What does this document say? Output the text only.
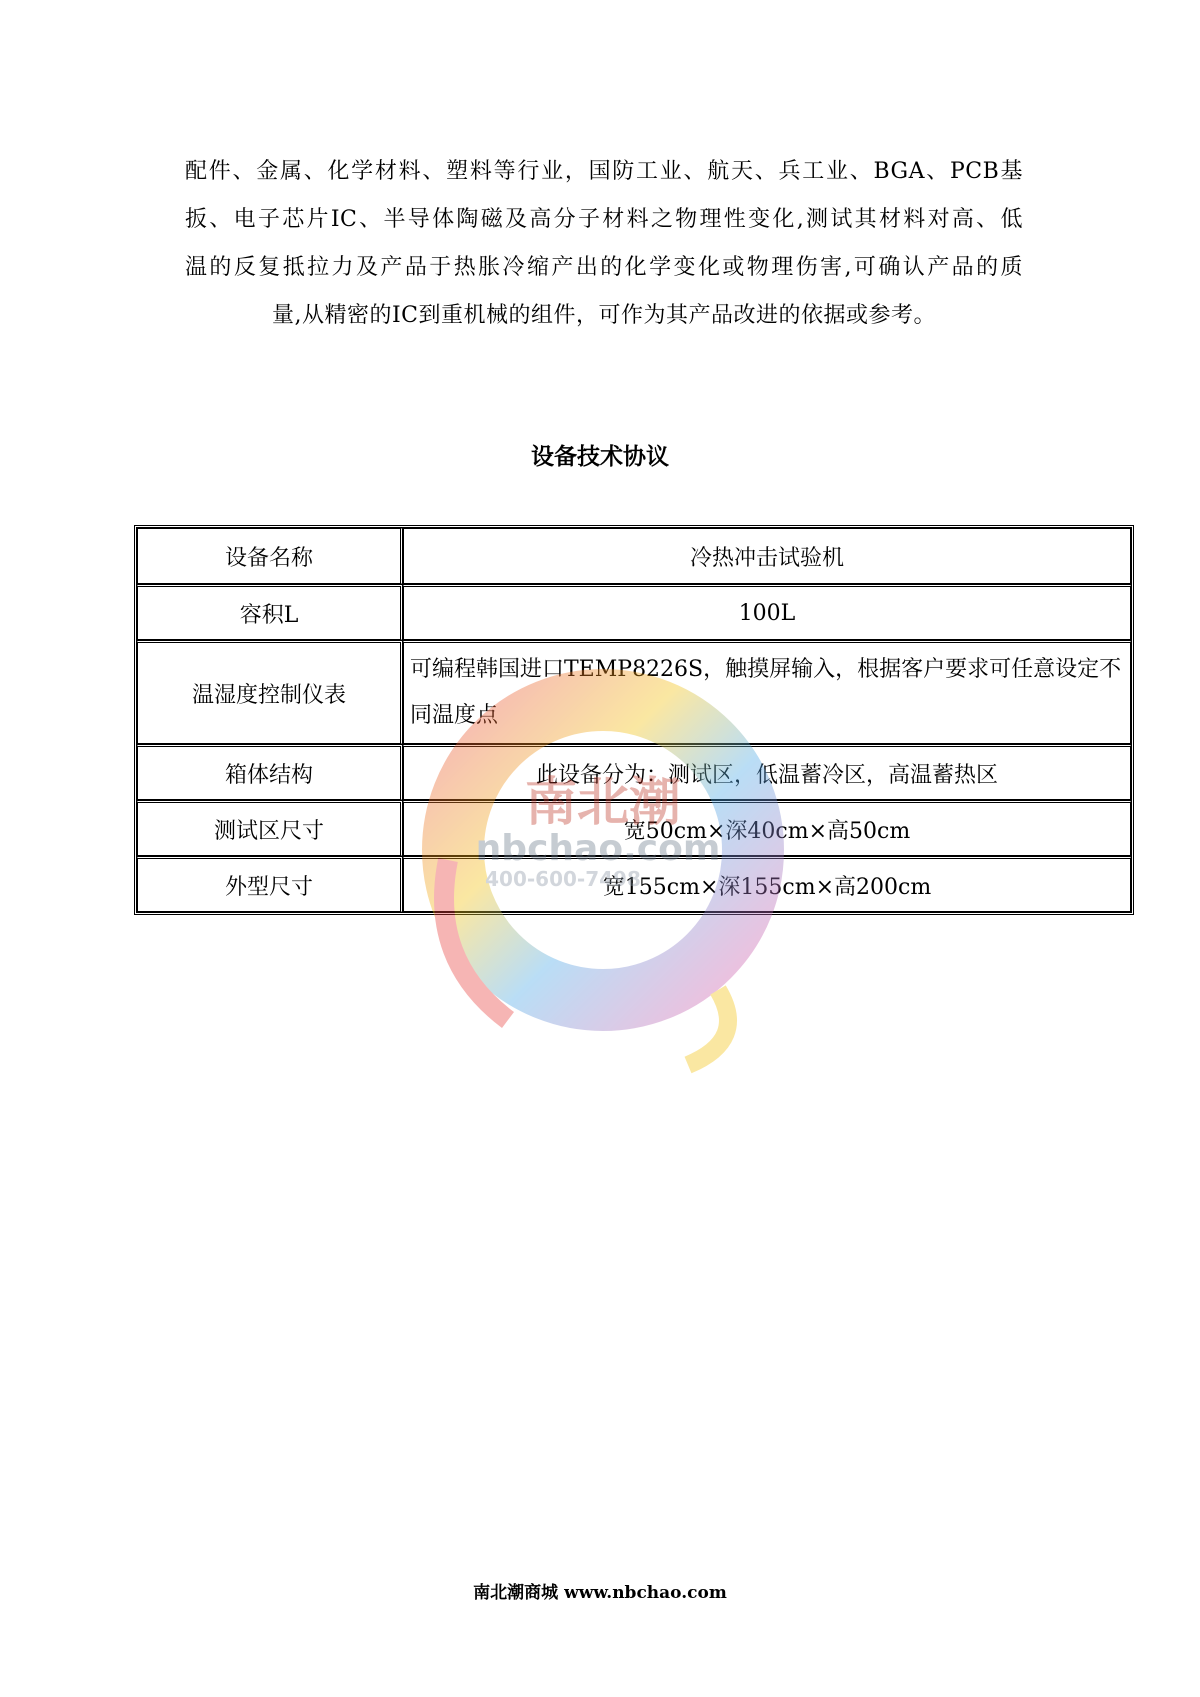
配件、金属、化学材料、塑料等行业，国防工业、航天、兵工业、BGA、PCB基
扳、电子芯片IC、半导体陶磁及高分子材料之物理性变化,测试其材料对高、低
温的反复抵拉力及产品于热胀冷缩产出的化学变化或物理伤害,可确认产品的质
量,从精密的IC到重机械的组件，可作为其产品改进的依据或参考。
设备技术协议
设备名称	冷热冲击试验机
容积L	100L
温湿度控制仪表	可编程韩国进口TEMP8226S，触摸屏输入，根据客户要求可任意设定不同温度点
箱体结构	此设备分为：测试区，低温蓄冷区，高温蓄热区
测试区尺寸	宽50cm×深40cm×高50cm
外型尺寸	宽155cm×深155cm×高200cm
南北潮
nbchao.com
400-600-7498
南北潮商城 www.nbchao.com
